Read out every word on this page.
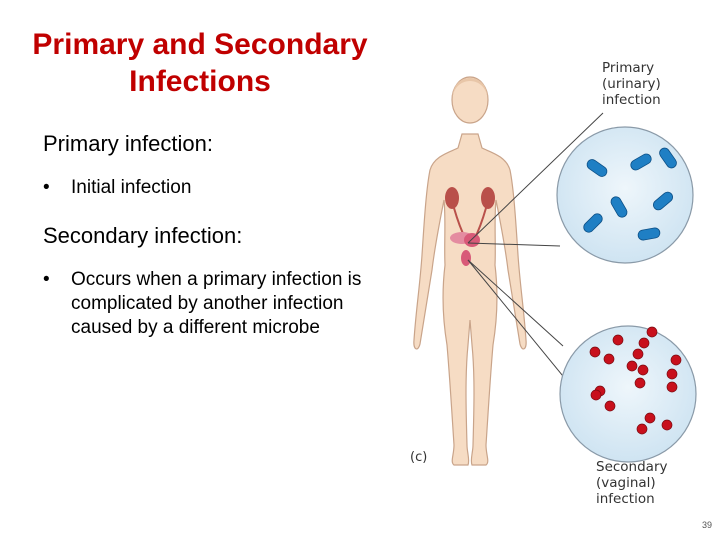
Primary and Secondary
Infections

Primary infection:

• Initial infection

Secondary infection:

• Occurs when a primary infection is complicated by another infection caused by a different microbe

Primary
(urinary)
infection
Secondary
(vaginal)
infection
(c)
39
